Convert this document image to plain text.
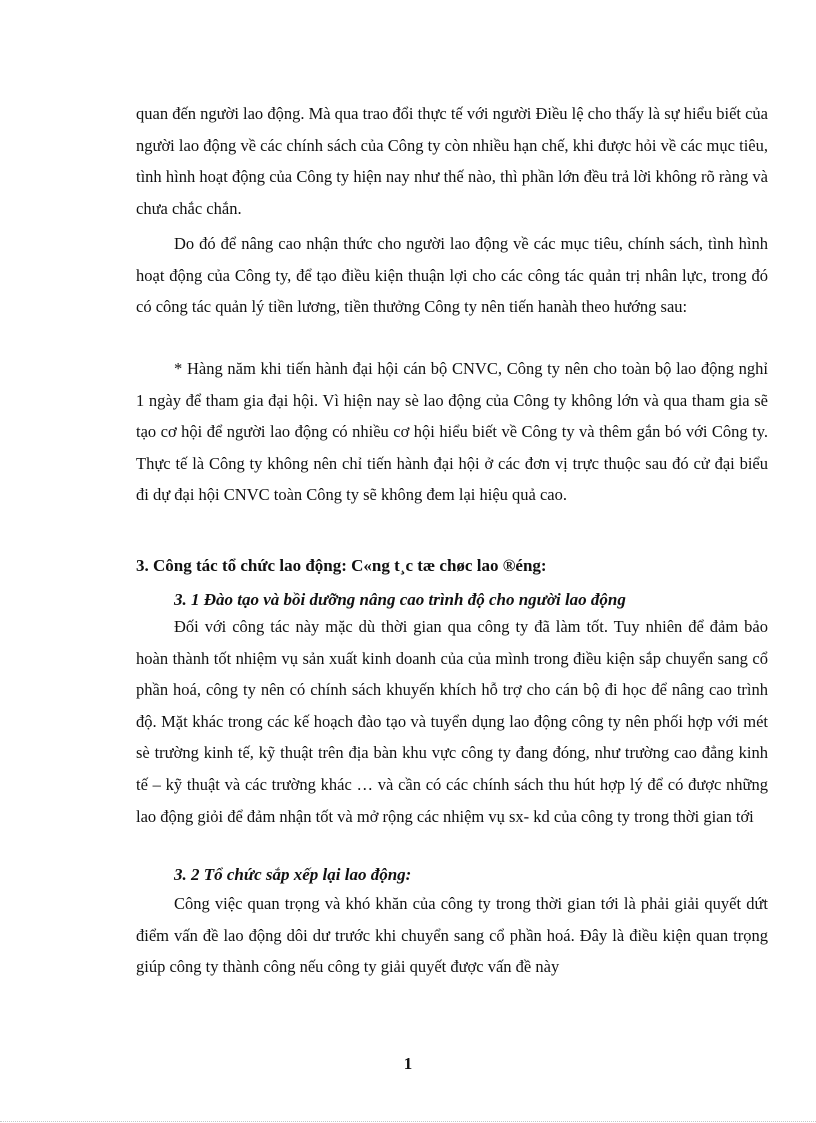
quan đến người lao động. Mà qua trao đổi thực tế với người Điều lệ cho thấy là sự hiểu biết của người lao động về các chính sách của Công ty còn nhiều hạn chế, khi được hỏi về các mục tiêu, tình hình hoạt động của Công ty hiện nay như thế nào, thì phần lớn đều trả lời không rõ ràng và chưa chắc chắn.

Do đó để nâng cao nhận thức cho người lao động về các mục tiêu, chính sách, tình hình hoạt động của Công ty, để tạo điều kiện thuận lợi cho các công tác quản trị nhân lực, trong đó có công tác quản lý tiền lương, tiền thưởng Công ty nên tiến hanàh theo hướng sau:

* Hàng năm khi tiến hành đại hội cán bộ CNVC, Công ty nên cho toàn bộ lao động nghỉ 1 ngày để tham gia đại hội. Vì hiện nay sè lao động của Công ty không lớn và qua tham gia sẽ tạo cơ hội để người lao động có nhiều cơ hội hiểu biết về Công ty và thêm gắn bó với Công ty. Thực tế là Công ty không nên chỉ tiến hành đại hội ở các đơn vị trực thuộc sau đó cử đại biểu đi dự đại hội CNVC toàn Công ty sẽ không đem lại hiệu quả cao.

3. Công tác tổ chức lao động: C«ng t¸c tæ chøc lao ®éng:
3. 1 Đào tạo và bồi dưỡng nâng cao trình độ cho người lao động

Đối với công tác này mặc dù thời gian qua công ty đã làm tốt. Tuy nhiên để đảm bảo hoàn thành tốt nhiệm vụ sản xuất kinh doanh của của mình trong điều kiện sắp chuyển sang cổ phần hoá, công ty nên có chính sách khuyến khích hỗ trợ cho cán bộ đi học để nâng cao trình độ. Mặt khác trong các kế hoạch đào tạo và tuyển dụng lao động công ty nên phối hợp với mét sè trường kinh tế, kỹ thuật trên địa bàn khu vực công ty đang đóng, như trường cao đẳng kinh tế – kỹ thuật và các trường khác … và cần có các chính sách thu hút hợp lý để có được những lao động giỏi để đảm nhận tốt và mở rộng các nhiệm vụ sx- kd của công ty trong thời gian tới

3. 2 Tổ chức sắp xếp lại lao động:

Công việc quan trọng và khó khăn của công ty trong thời gian tới là phải giải quyết dứt điểm vấn đề lao động dôi dư trước khi chuyển sang cổ phần hoá. Đây là điều kiện quan trọng giúp công ty thành công nếu công ty giải quyết được vấn đề này

1
